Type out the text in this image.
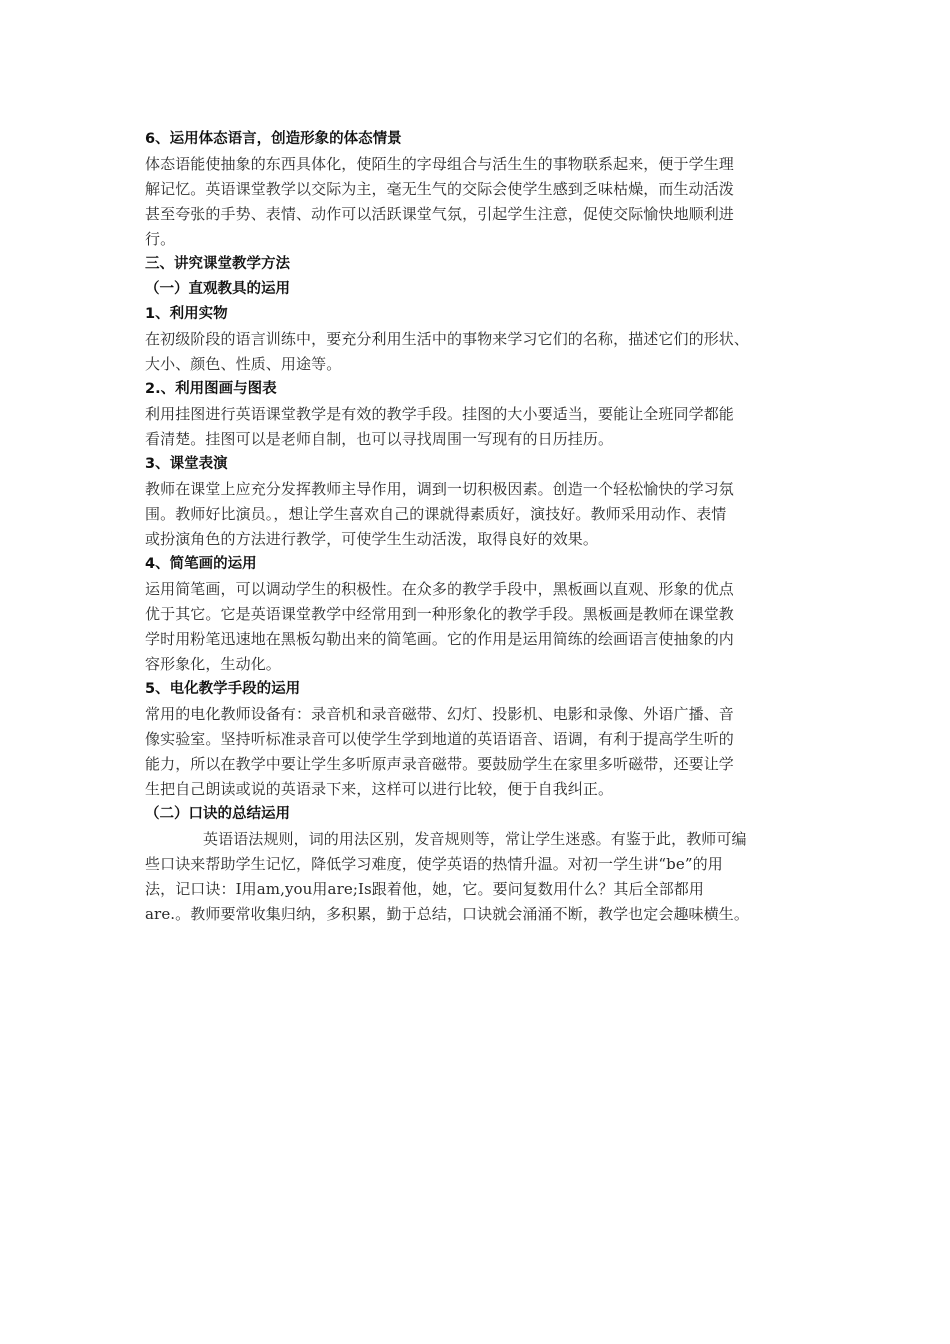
6、运用体态语言，创造形象的体态情景
体态语能使抽象的东西具体化，使陌生的字母组合与活生生的事物联系起来，便于学生理
解记忆。英语课堂教学以交际为主，毫无生气的交际会使学生感到乏味枯燥，而生动活泼
甚至夸张的手势、表情、动作可以活跃课堂气氛，引起学生注意，促使交际愉快地顺利进
行。
三、讲究课堂教学方法
（一）直观教具的运用
1、利用实物
在初级阶段的语言训练中，要充分利用生活中的事物来学习它们的名称，描述它们的形状、
大小、颜色、性质、用途等。
2.、利用图画与图表
利用挂图进行英语课堂教学是有效的教学手段。挂图的大小要适当，要能让全班同学都能
看清楚。挂图可以是老师自制，也可以寻找周围一写现有的日历挂历。
3、课堂表演
教师在课堂上应充分发挥教师主导作用，调到一切积极因素。创造一个轻松愉快的学习氛
围。教师好比演员。，想让学生喜欢自己的课就得素质好，演技好。教师采用动作、表情
或扮演角色的方法进行教学，可使学生生动活泼，取得良好的效果。
4、简笔画的运用
运用简笔画，可以调动学生的积极性。在众多的教学手段中，黑板画以直观、形象的优点
优于其它。它是英语课堂教学中经常用到一种形象化的教学手段。黑板画是教师在课堂教
学时用粉笔迅速地在黑板勾勒出来的简笔画。它的作用是运用简练的绘画语言使抽象的内
容形象化，生动化。
5、电化教学手段的运用
常用的电化教师设备有：录音机和录音磁带、幻灯、投影机、电影和录像、外语广播、音
像实验室。坚持听标准录音可以使学生学到地道的英语语音、语调，有利于提高学生听的
能力，所以在教学中要让学生多听原声录音磁带。要鼓励学生在家里多听磁带，还要让学
生把自己朗读或说的英语录下来，这样可以进行比较，便于自我纠正。
（二）口诀的总结运用
英语语法规则，词的用法区别，发音规则等，常让学生迷惑。有鉴于此，教师可编
些口诀来帮助学生记忆，降低学习难度，使学英语的热情升温。对初一学生讲“be”的用
法，记口诀：I用am,you用are;Is跟着他，她，它。要问复数用什么？其后全部都用
are.。教师要常收集归纳，多积累，勤于总结，口诀就会涌涌不断，教学也定会趣味横生。
